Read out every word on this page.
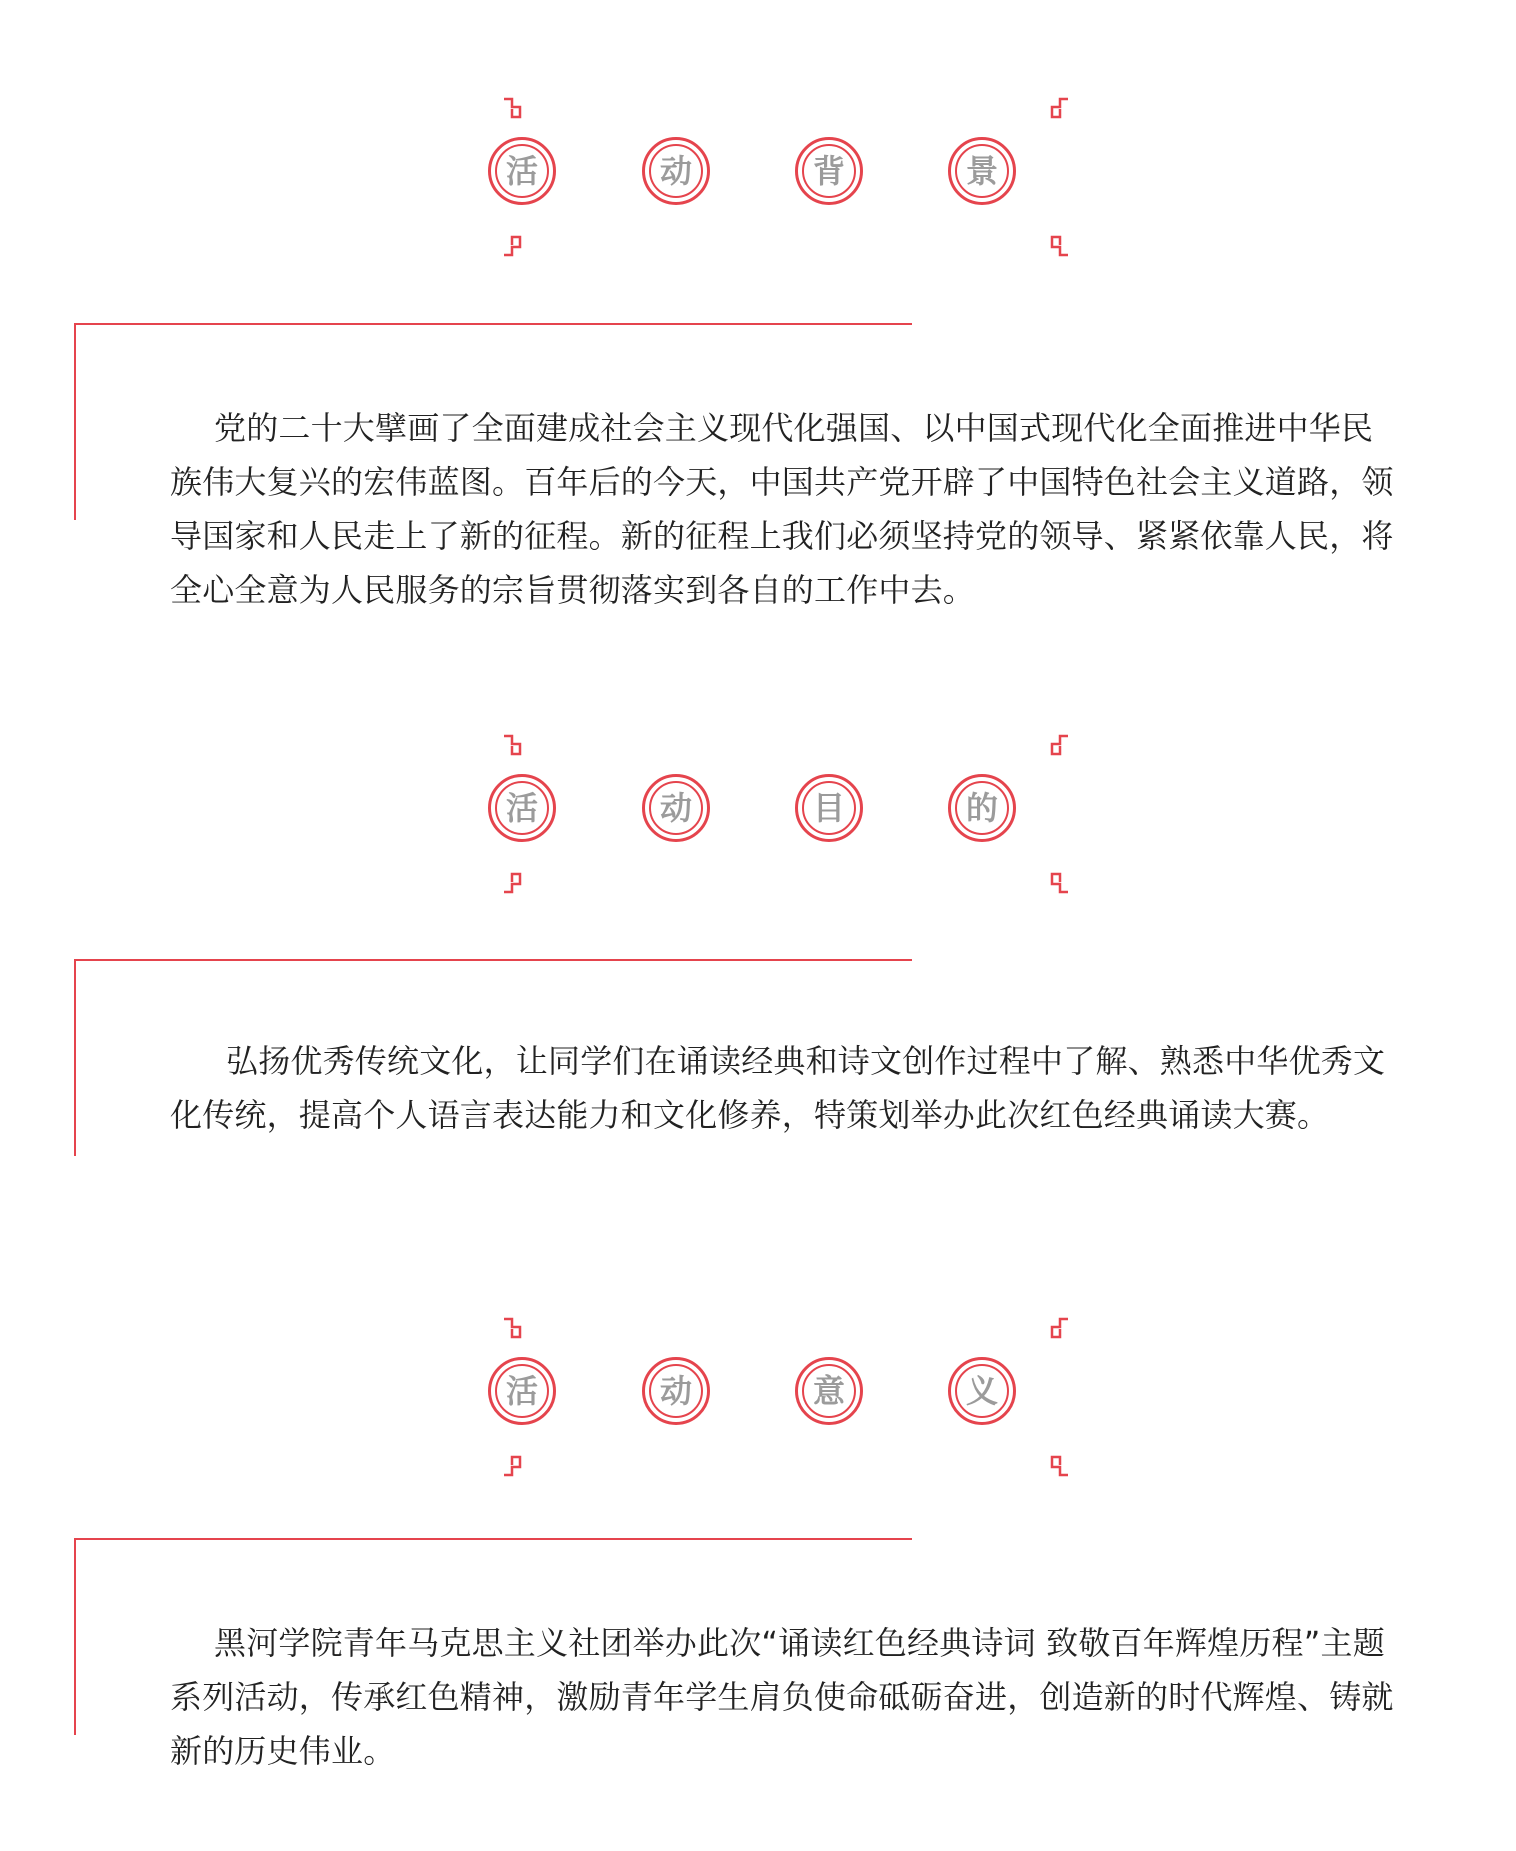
活	动	背	景

党的二十大擘画了全面建成社会主义现代化强国、以中国式现代化全面推进中华民族伟大复兴的宏伟蓝图。百年后的今天，中国共产党开辟了中国特色社会主义道路，领导国家和人民走上了新的征程。新的征程上我们必须坚持党的领导、紧紧依靠人民，将全心全意为人民服务的宗旨贯彻落实到各自的工作中去。

活	动	目	的

弘扬优秀传统文化，让同学们在诵读经典和诗文创作过程中了解、熟悉中华优秀文化传统，提高个人语言表达能力和文化修养，特策划举办此次红色经典诵读大赛。

活	动	意	义

黑河学院青年马克思主义社团举办此次“诵读红色经典诗词 致敬百年辉煌历程”主题系列活动，传承红色精神，激励青年学生肩负使命砥砺奋进，创造新的时代辉煌、铸就新的历史伟业。
